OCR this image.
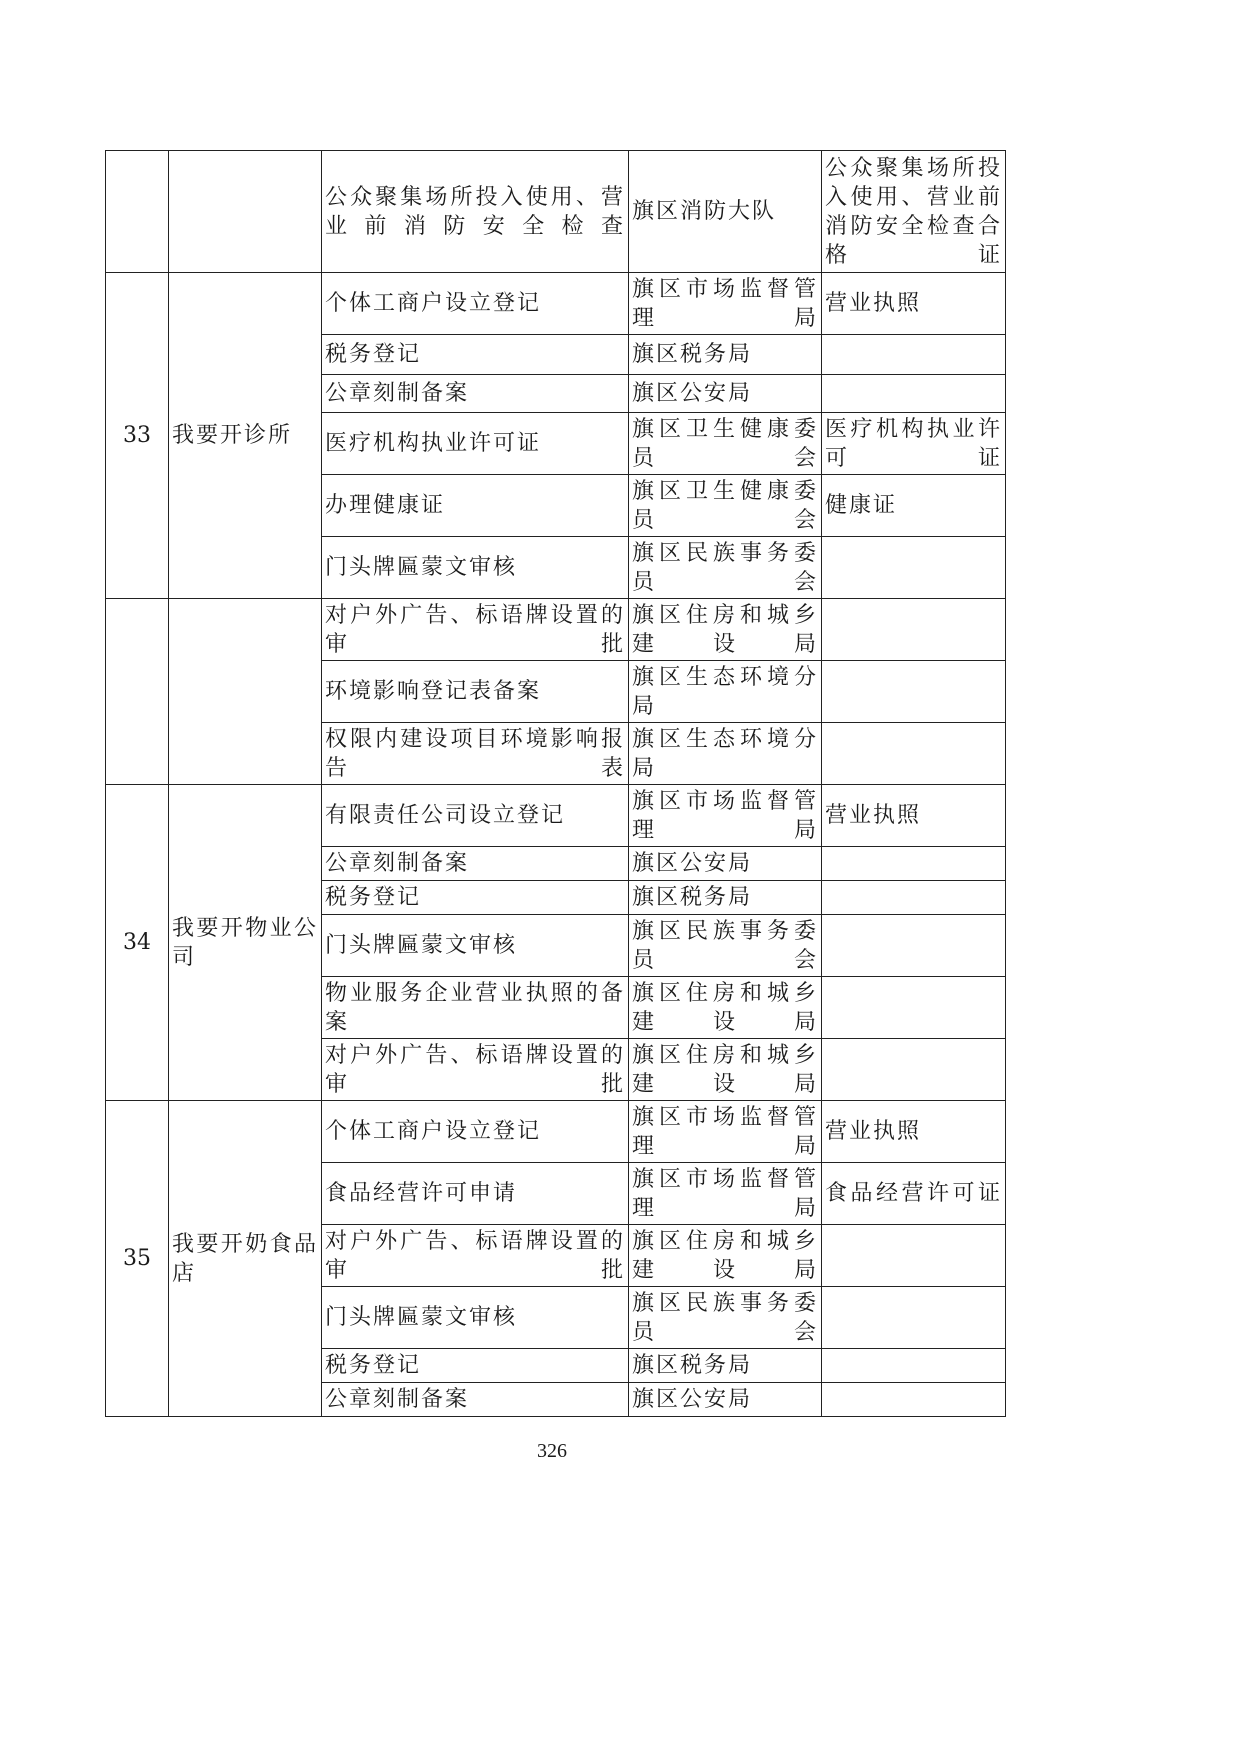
		公众聚集场所投入使用、营业前消防安全检查	旗区消防大队	公众聚集场所投入使用、营业前消防安全检查合格证
33	我要开诊所	个体工商户设立登记	旗区市场监督管理局	营业执照
		税务登记	旗区税务局	
		公章刻制备案	旗区公安局	
		医疗机构执业许可证	旗区卫生健康委员会	医疗机构执业许可证
		办理健康证	旗区卫生健康委员会	健康证
		门头牌匾蒙文审核	旗区民族事务委员会	
		对户外广告、标语牌设置的审批	旗区住房和城乡建设局	
		环境影响登记表备案	旗区生态环境分局	
		权限内建设项目环境影响报告表	旗区生态环境分局	
34	我要开物业公司	有限责任公司设立登记	旗区市场监督管理局	营业执照
		公章刻制备案	旗区公安局	
		税务登记	旗区税务局	
		门头牌匾蒙文审核	旗区民族事务委员会	
		物业服务企业营业执照的备案	旗区住房和城乡建设局	
		对户外广告、标语牌设置的审批	旗区住房和城乡建设局	
35	我要开奶食品店	个体工商户设立登记	旗区市场监督管理局	营业执照
		食品经营许可申请	旗区市场监督管理局	食品经营许可证
		对户外广告、标语牌设置的审批	旗区住房和城乡建设局	
		门头牌匾蒙文审核	旗区民族事务委员会	
		税务登记	旗区税务局	
		公章刻制备案	旗区公安局	
326
